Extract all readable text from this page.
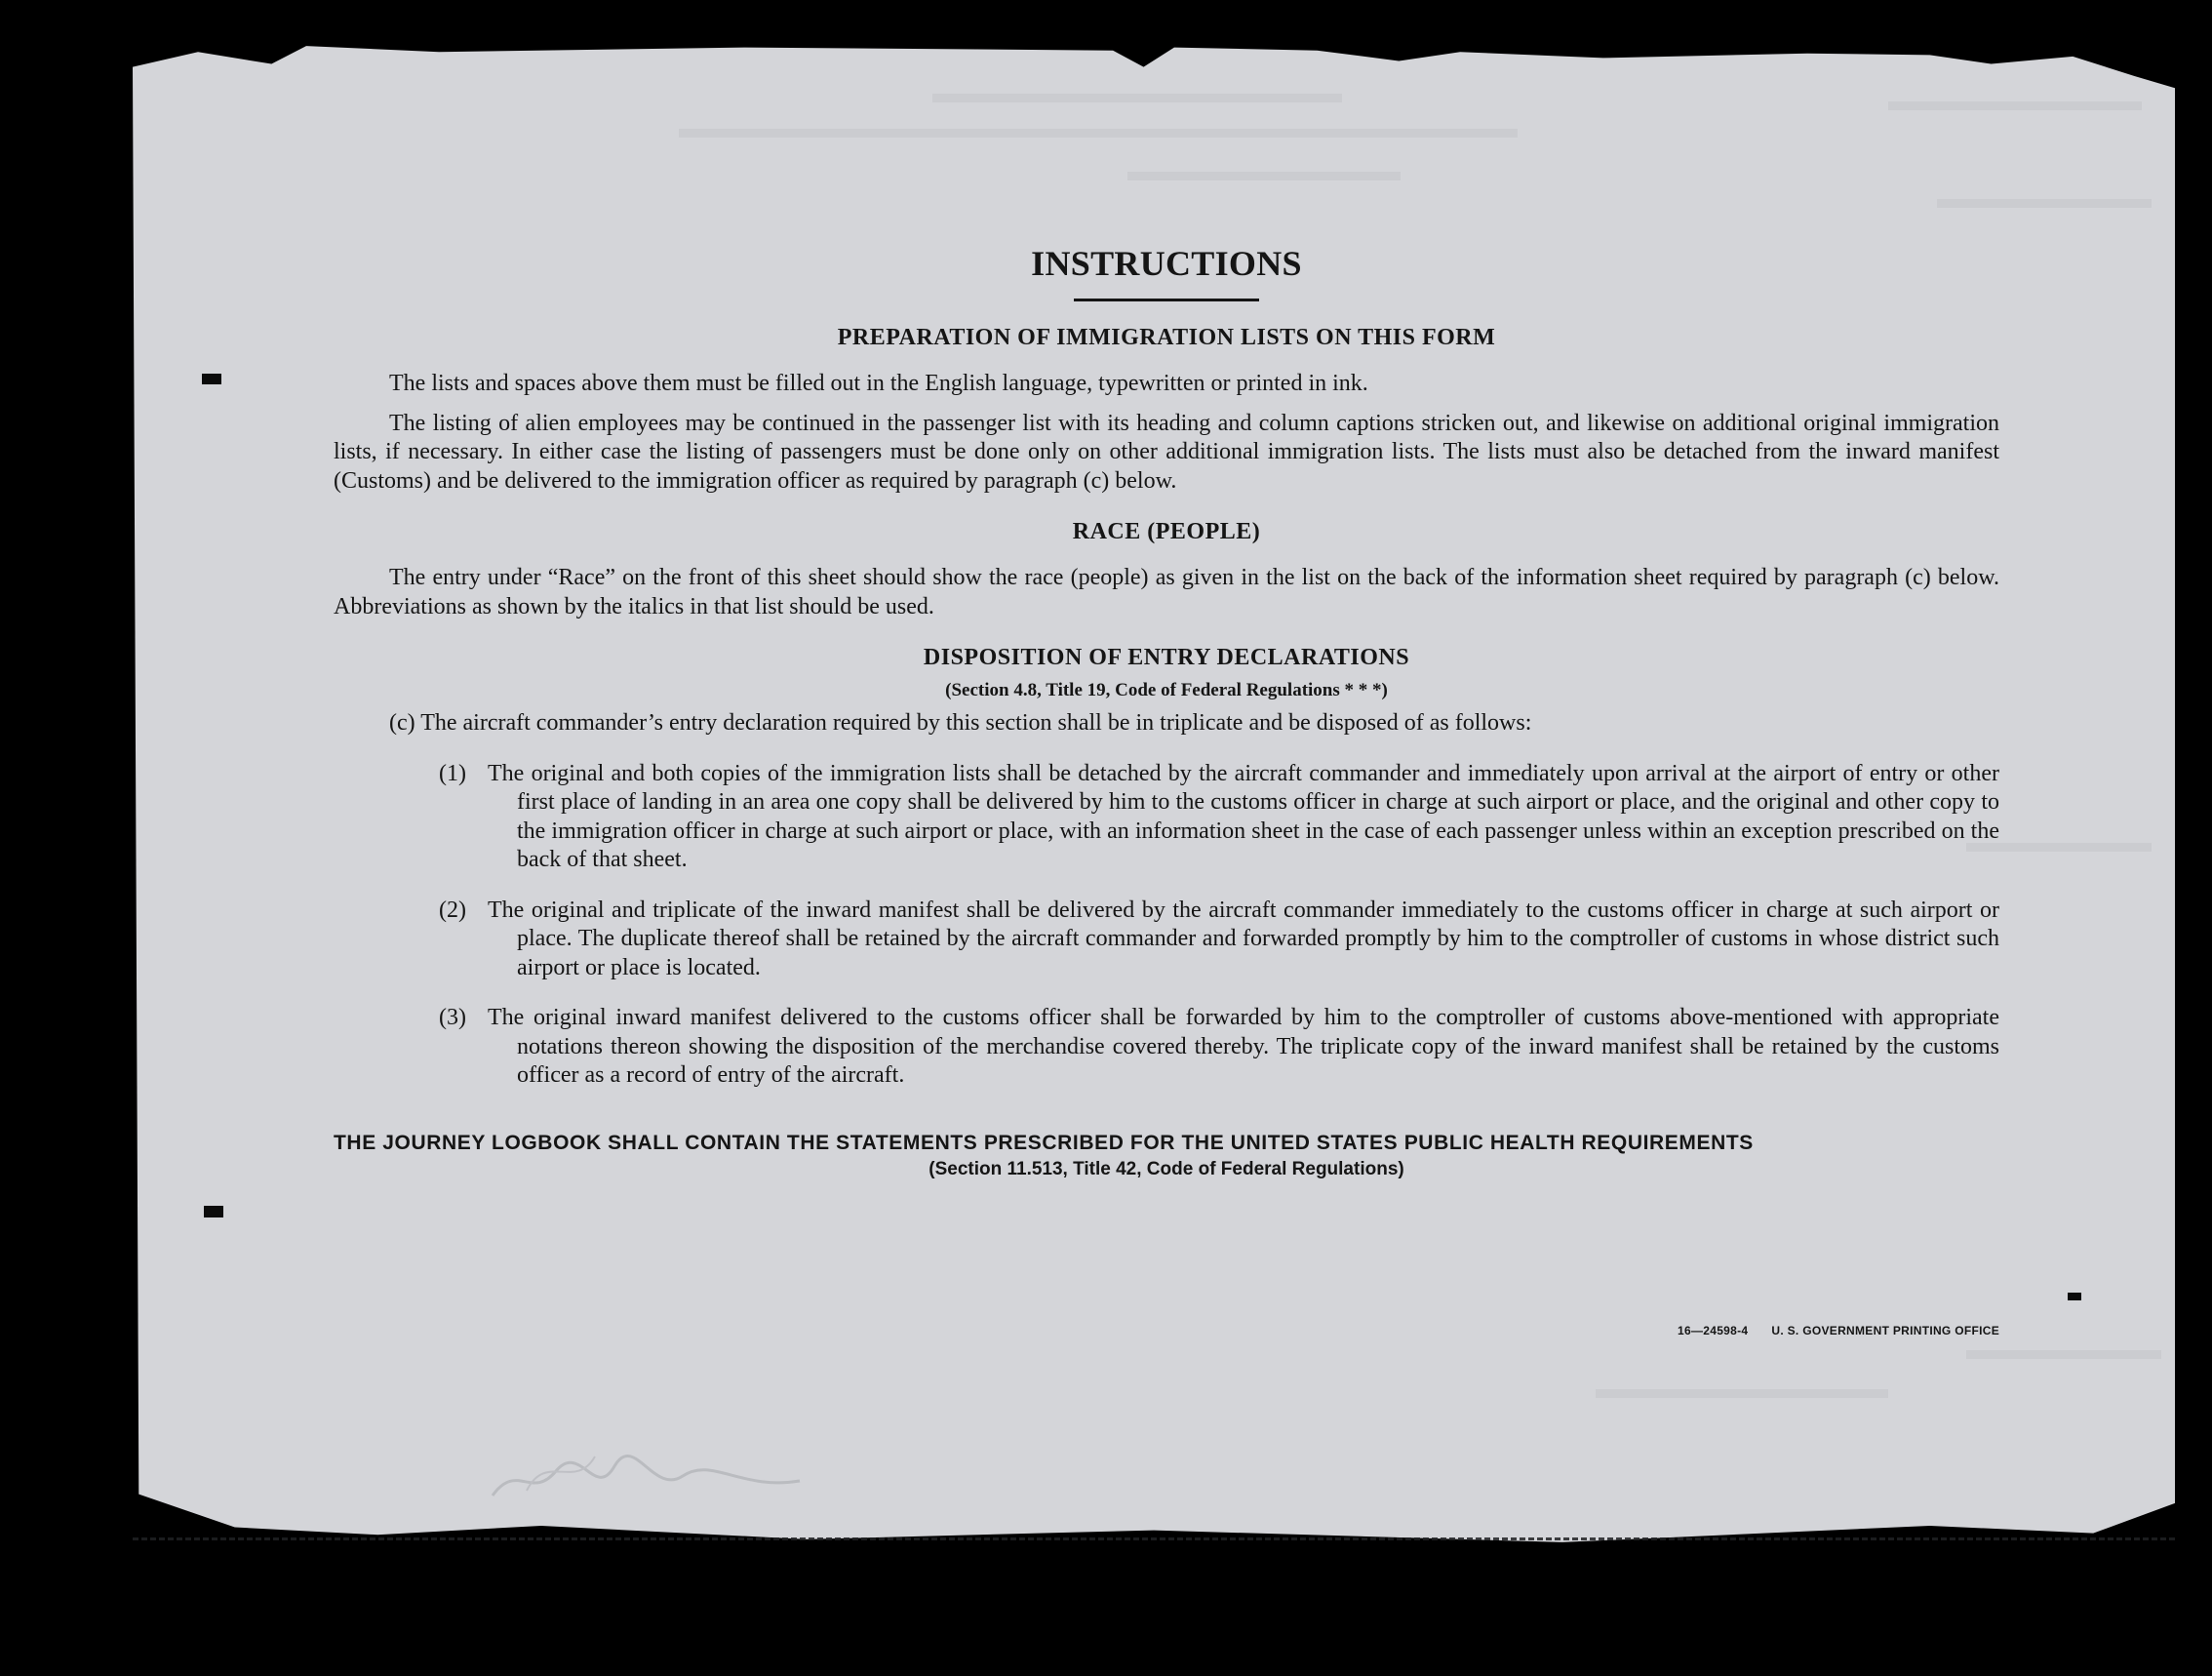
INSTRUCTIONS
PREPARATION OF IMMIGRATION LISTS ON THIS FORM

The lists and spaces above them must be filled out in the English language, typewritten or printed in ink.

The listing of alien employees may be continued in the passenger list with its heading and column captions stricken out, and likewise on additional original immigration lists, if necessary. In either case the listing of passengers must be done only on other additional immigration lists. The lists must also be detached from the inward manifest (Customs) and be delivered to the immigration officer as required by paragraph (c) below.

RACE (PEOPLE)

The entry under “Race” on the front of this sheet should show the race (people) as given in the list on the back of the information sheet required by paragraph (c) below. Abbreviations as shown by the italics in that list should be used.

DISPOSITION OF ENTRY DECLARATIONS
(Section 4.8, Title 19, Code of Federal Regulations * * *)

(c) The aircraft commander’s entry declaration required by this section shall be in triplicate and be disposed of as follows:

(1) The original and both copies of the immigration lists shall be detached by the aircraft commander and immediately upon arrival at the airport of entry or other first place of landing in an area one copy shall be delivered by him to the customs officer in charge at such airport or place, and the original and other copy to the immigration officer in charge at such airport or place, with an information sheet in the case of each passenger unless within an exception prescribed on the back of that sheet.
(2) The original and triplicate of the inward manifest shall be delivered by the aircraft commander immediately to the customs officer in charge at such airport or place. The duplicate thereof shall be retained by the aircraft commander and forwarded promptly by him to the comptroller of customs in whose district such airport or place is located.
(3) The original inward manifest delivered to the customs officer shall be forwarded by him to the comptroller of customs above-mentioned with appropriate notations thereon showing the disposition of the merchandise covered thereby. The triplicate copy of the inward manifest shall be retained by the customs officer as a record of entry of the aircraft.
THE JOURNEY LOGBOOK SHALL CONTAIN THE STATEMENTS PRESCRIBED FOR THE UNITED STATES PUBLIC HEALTH REQUIREMENTS
(Section 11.513, Title 42, Code of Federal Regulations)
16—24598-4 U. S. GOVERNMENT PRINTING OFFICE
